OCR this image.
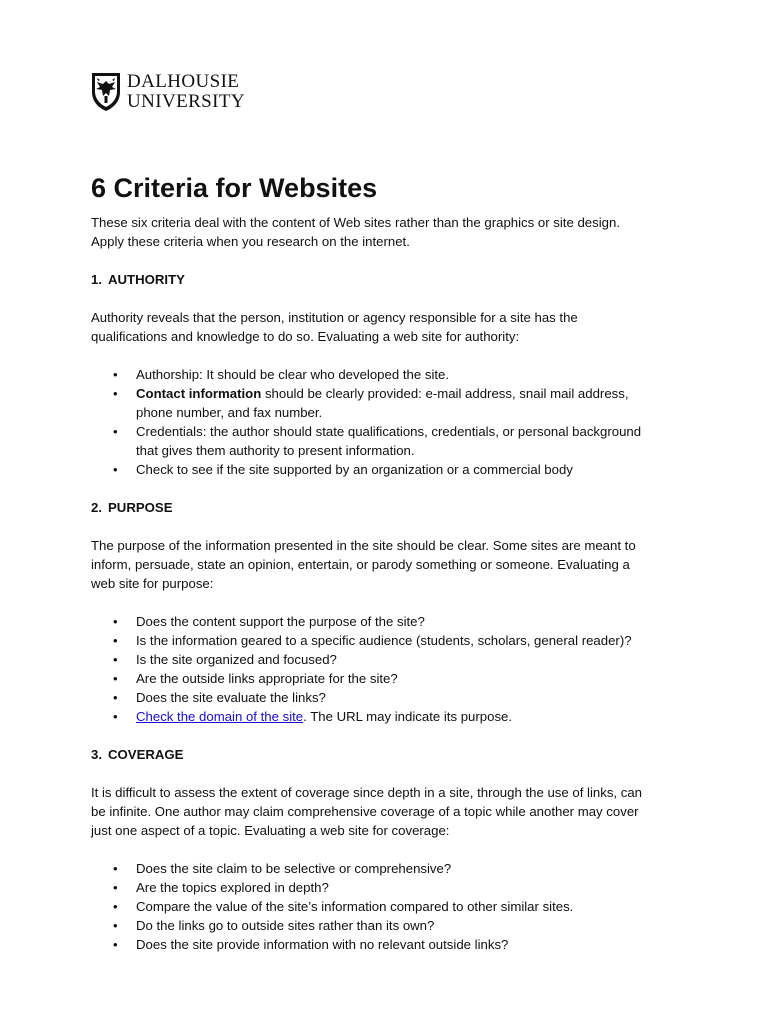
DALHOUSIE
UNIVERSITY
6 Criteria for Websites

These six criteria deal with the content of Web sites rather than the graphics or site design.

Apply these criteria when you research on the internet.

1. AUTHORITY

Authority reveals that the person, institution or agency responsible for a site has the

qualifications and knowledge to do so. Evaluating a web site for authority:

• Authorship: It should be clear who developed the site.
• Contact information should be clearly provided: e-mail address, snail mail address,
phone number, and fax number.
• Credentials: the author should state qualifications, credentials, or personal background
that gives them authority to present information.
• Check to see if the site supported by an organization or a commercial body

2. PURPOSE

The purpose of the information presented in the site should be clear. Some sites are meant to

inform, persuade, state an opinion, entertain, or parody something or someone. Evaluating a

web site for purpose:

• Does the content support the purpose of the site?
• Is the information geared to a specific audience (students, scholars, general reader)?
• Is the site organized and focused?
• Are the outside links appropriate for the site?
• Does the site evaluate the links?
• Check the domain of the site. The URL may indicate its purpose.

3. COVERAGE

It is difficult to assess the extent of coverage since depth in a site, through the use of links, can

be infinite. One author may claim comprehensive coverage of a topic while another may cover

just one aspect of a topic. Evaluating a web site for coverage:

• Does the site claim to be selective or comprehensive?
• Are the topics explored in depth?
• Compare the value of the site’s information compared to other similar sites.
• Do the links go to outside sites rather than its own?
• Does the site provide information with no relevant outside links?
